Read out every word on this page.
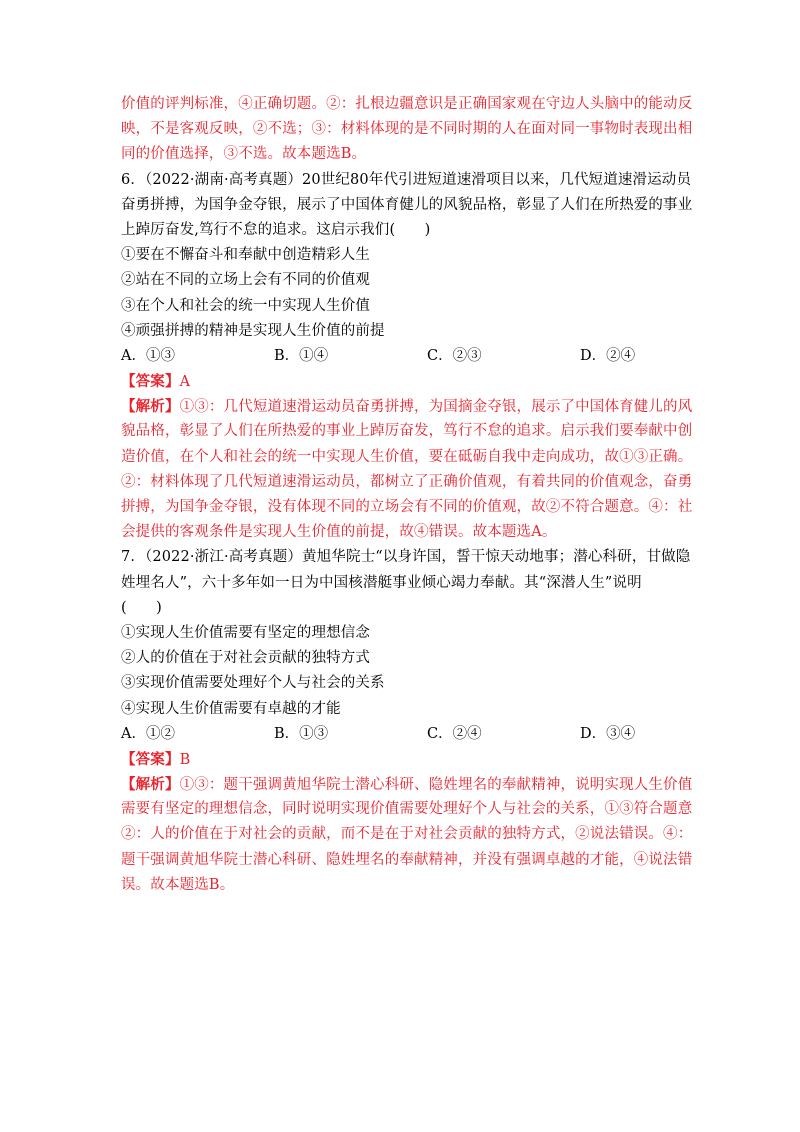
价值的评判标准，④正确切题。②：扎根边疆意识是正确国家观在守边人头脑中的能动反
映，不是客观反映，②不选；③：材料体现的是不同时期的人在面对同一事物时表现出相
同的价值选择，③不选。故本题选B。
6．（2022·湖南·高考真题）20世纪80年代引进短道速滑项目以来，几代短道速滑运动员
奋勇拼搏，为国争金夺银，展示了中国体育健儿的风貌品格，彰显了人们在所热爱的事业
上踔厉奋发,笃行不怠的追求。这启示我们(　　)
①要在不懈奋斗和奉献中创造精彩人生
②站在不同的立场上会有不同的价值观
③在个人和社会的统一中实现人生价值
④顽强拼搏的精神是实现人生价值的前提
A．①③	B．①④	C．②③	D．②④
【答案】A
【解析】①③：几代短道速滑运动员奋勇拼搏，为国摘金夺银，展示了中国体育健儿的风
貌品格，彰显了人们在所热爱的事业上踔厉奋发，笃行不怠的追求。启示我们要奉献中创
造价值，在个人和社会的统一中实现人生价值，要在砥砺自我中走向成功，故①③正确。
②：材料体现了几代短道速滑运动员，都树立了正确价值观，有着共同的价值观念，奋勇
拼搏，为国争金夺银，没有体现不同的立场会有不同的价值观，故②不符合题意。④：社
会提供的客观条件是实现人生价值的前提，故④错误。故本题选A。
7．（2022·浙江·高考真题）黄旭华院士“以身许国，誓干惊天动地事；潜心科研，甘做隐
姓埋名人”，六十多年如一日为中国核潜艇事业倾心竭力奉献。其“深潜人生”说明
(　　)
①实现人生价值需要有坚定的理想信念
②人的价值在于对社会贡献的独特方式
③实现价值需要处理好个人与社会的关系
④实现人生价值需要有卓越的才能
A．①②	B．①③	C．②④	D．③④
【答案】B
【解析】①③：题干强调黄旭华院士潜心科研、隐姓埋名的奉献精神，说明实现人生价值
需要有坚定的理想信念，同时说明实现价值需要处理好个人与社会的关系，①③符合题意
②：人的价值在于对社会的贡献，而不是在于对社会贡献的独特方式，②说法错误。④：
题干强调黄旭华院士潜心科研、隐姓埋名的奉献精神，并没有强调卓越的才能，④说法错
误。故本题选B。
